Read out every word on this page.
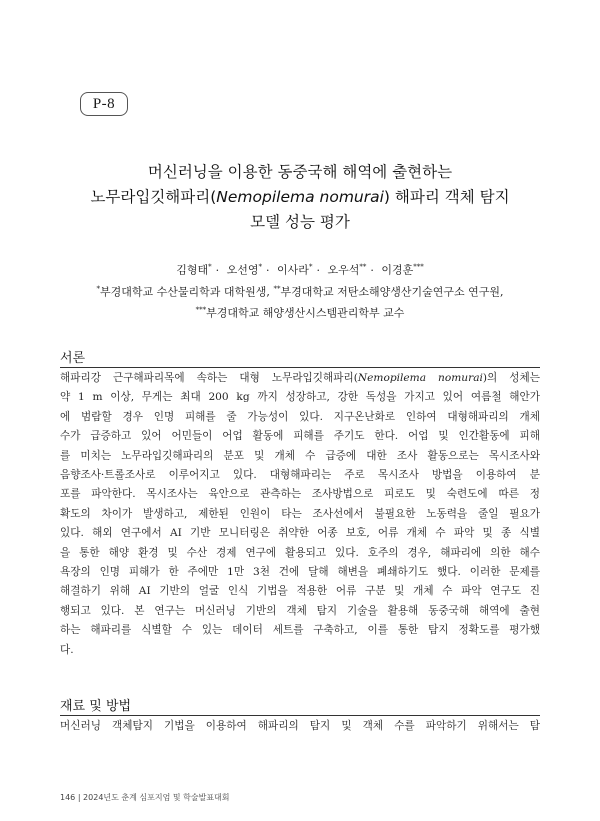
P-8
머신러닝을 이용한 동중국해 해역에 출현하는
노무라입깃해파리(Nemopilema nomurai) 해파리 객체 탐지
모델 성능 평가
김형태* · 오선영* · 이사라* · 오우석** · 이경훈***
*부경대학교 수산물리학과 대학원생, **부경대학교 저탄소해양생산기술연구소 연구원,
***부경대학교 해양생산시스템관리학부 교수
서론
해파리강 근구해파리목에 속하는 대형 노무라입깃해파리(Nemopilema nomurai)의 성체는
약 1 m 이상, 무게는 최대 200 kg 까지 성장하고, 강한 독성을 가지고 있어 여름철 해안가
에 범람할 경우 인명 피해를 줄 가능성이 있다. 지구온난화로 인하여 대형해파리의 개체
수가 급증하고 있어 어민들이 어업 활동에 피해를 주기도 한다. 어업 및 인간활동에 피해
를 미치는 노무라입깃해파리의 분포 및 개체 수 급증에 대한 조사 활동으로는 목시조사와
음향조사·트롤조사로 이루어지고 있다. 대형해파리는 주로 목시조사 방법을 이용하여 분
포를 파악한다. 목시조사는 육안으로 관측하는 조사방법으로 피로도 및 숙련도에 따른 정
확도의 차이가 발생하고, 제한된 인원이 타는 조사선에서 불필요한 노동력을 줄일 필요가
있다. 해외 연구에서 AI 기반 모니터링은 취약한 어종 보호, 어류 개체 수 파악 및 종 식별
을 통한 해양 환경 및 수산 경제 연구에 활용되고 있다. 호주의 경우, 해파리에 의한 해수
욕장의 인명 피해가 한 주에만 1만 3천 건에 달해 해변을 폐쇄하기도 했다. 이러한 문제를
해결하기 위해 AI 기반의 얼굴 인식 기법을 적용한 어류 구분 및 개체 수 파악 연구도 진
행되고 있다. 본 연구는 머신러닝 기반의 객체 탐지 기술을 활용해 동중국해 해역에 출현
하는 해파리를 식별할 수 있는 데이터 세트를 구축하고, 이를 통한 탐지 정확도를 평가했
다.
재료 및 방법
머신러닝 객체탐지 기법을 이용하여 해파리의 탐지 및 객체 수를 파악하기 위해서는 탐
146 | 2024년도 춘계 심포지엄 및 학술발표대회
